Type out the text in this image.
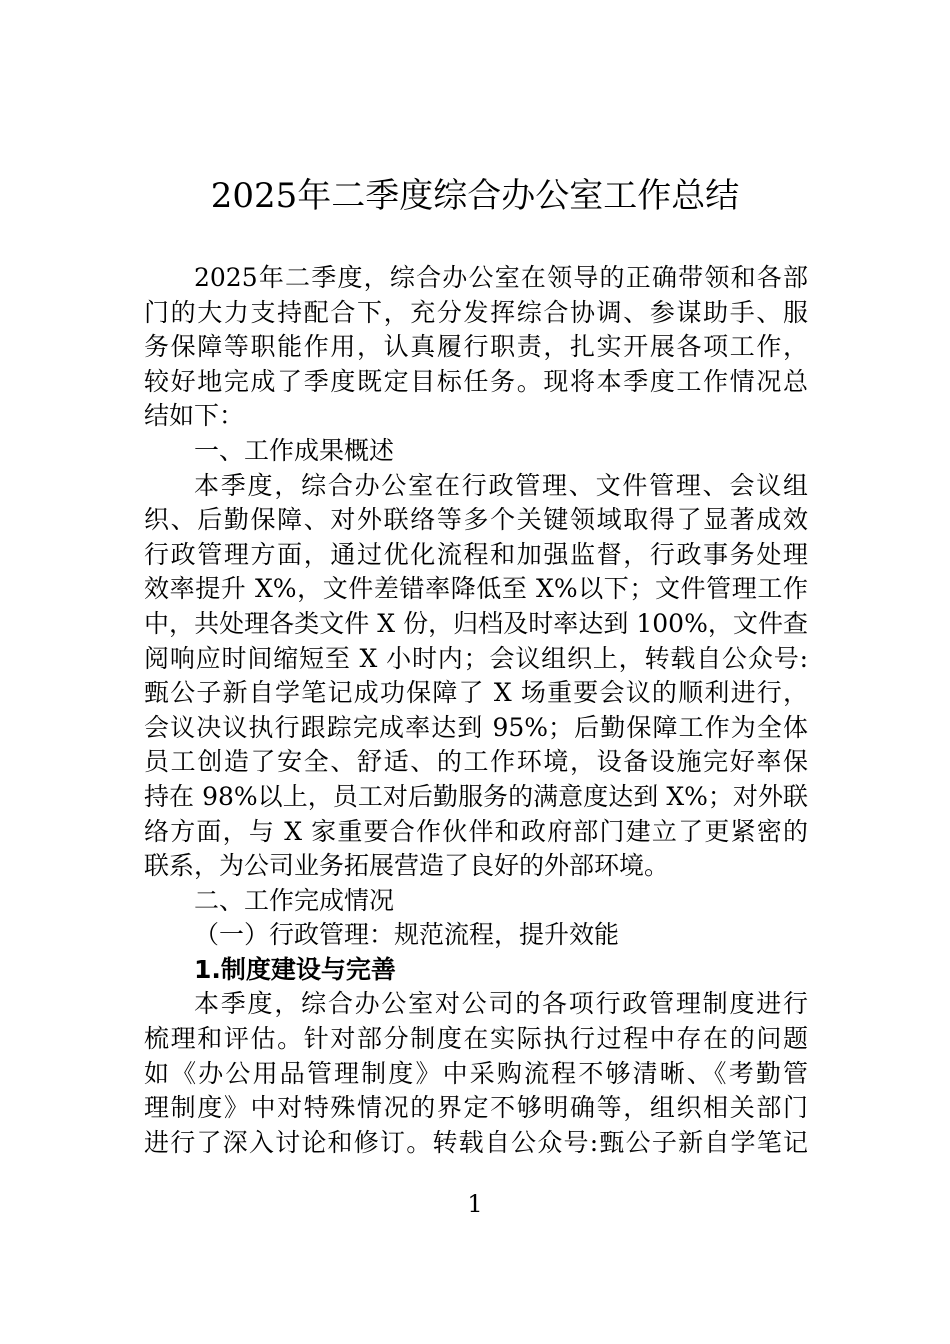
2025年二季度综合办公室工作总结
2025年二季度，综合办公室在领导的正确带领和各部
门的大力支持配合下，充分发挥综合协调、参谋助手、服
务保障等职能作用，认真履行职责，扎实开展各项工作，
较好地完成了季度既定目标任务。现将本季度工作情况总
结如下：
一、工作成果概述
本季度，综合办公室在行政管理、文件管理、会议组
织、后勤保障、对外联络等多个关键领域取得了显著成效
行政管理方面，通过优化流程和加强监督，行政事务处理
效率提升 X%，文件差错率降低至 X%以下；文件管理工作
中，共处理各类文件 X 份，归档及时率达到 100%，文件查
阅响应时间缩短至 X 小时内；会议组织上，转载自公众号:
甄公子新自学笔记成功保障了 X 场重要会议的顺利进行，
会议决议执行跟踪完成率达到 95%；后勤保障工作为全体
员工创造了安全、舒适、的工作环境，设备设施完好率保
持在 98%以上，员工对后勤服务的满意度达到 X%；对外联
络方面，与 X 家重要合作伙伴和政府部门建立了更紧密的
联系，为公司业务拓展营造了良好的外部环境。
二、工作完成情况
（一）行政管理：规范流程，提升效能
1.制度建设与完善
本季度，综合办公室对公司的各项行政管理制度进行
梳理和评估。针对部分制度在实际执行过程中存在的问题
如《办公用品管理制度》中采购流程不够清晰、《考勤管
理制度》中对特殊情况的界定不够明确等，组织相关部门
进行了深入讨论和修订。转载自公众号:甄公子新自学笔记
1
